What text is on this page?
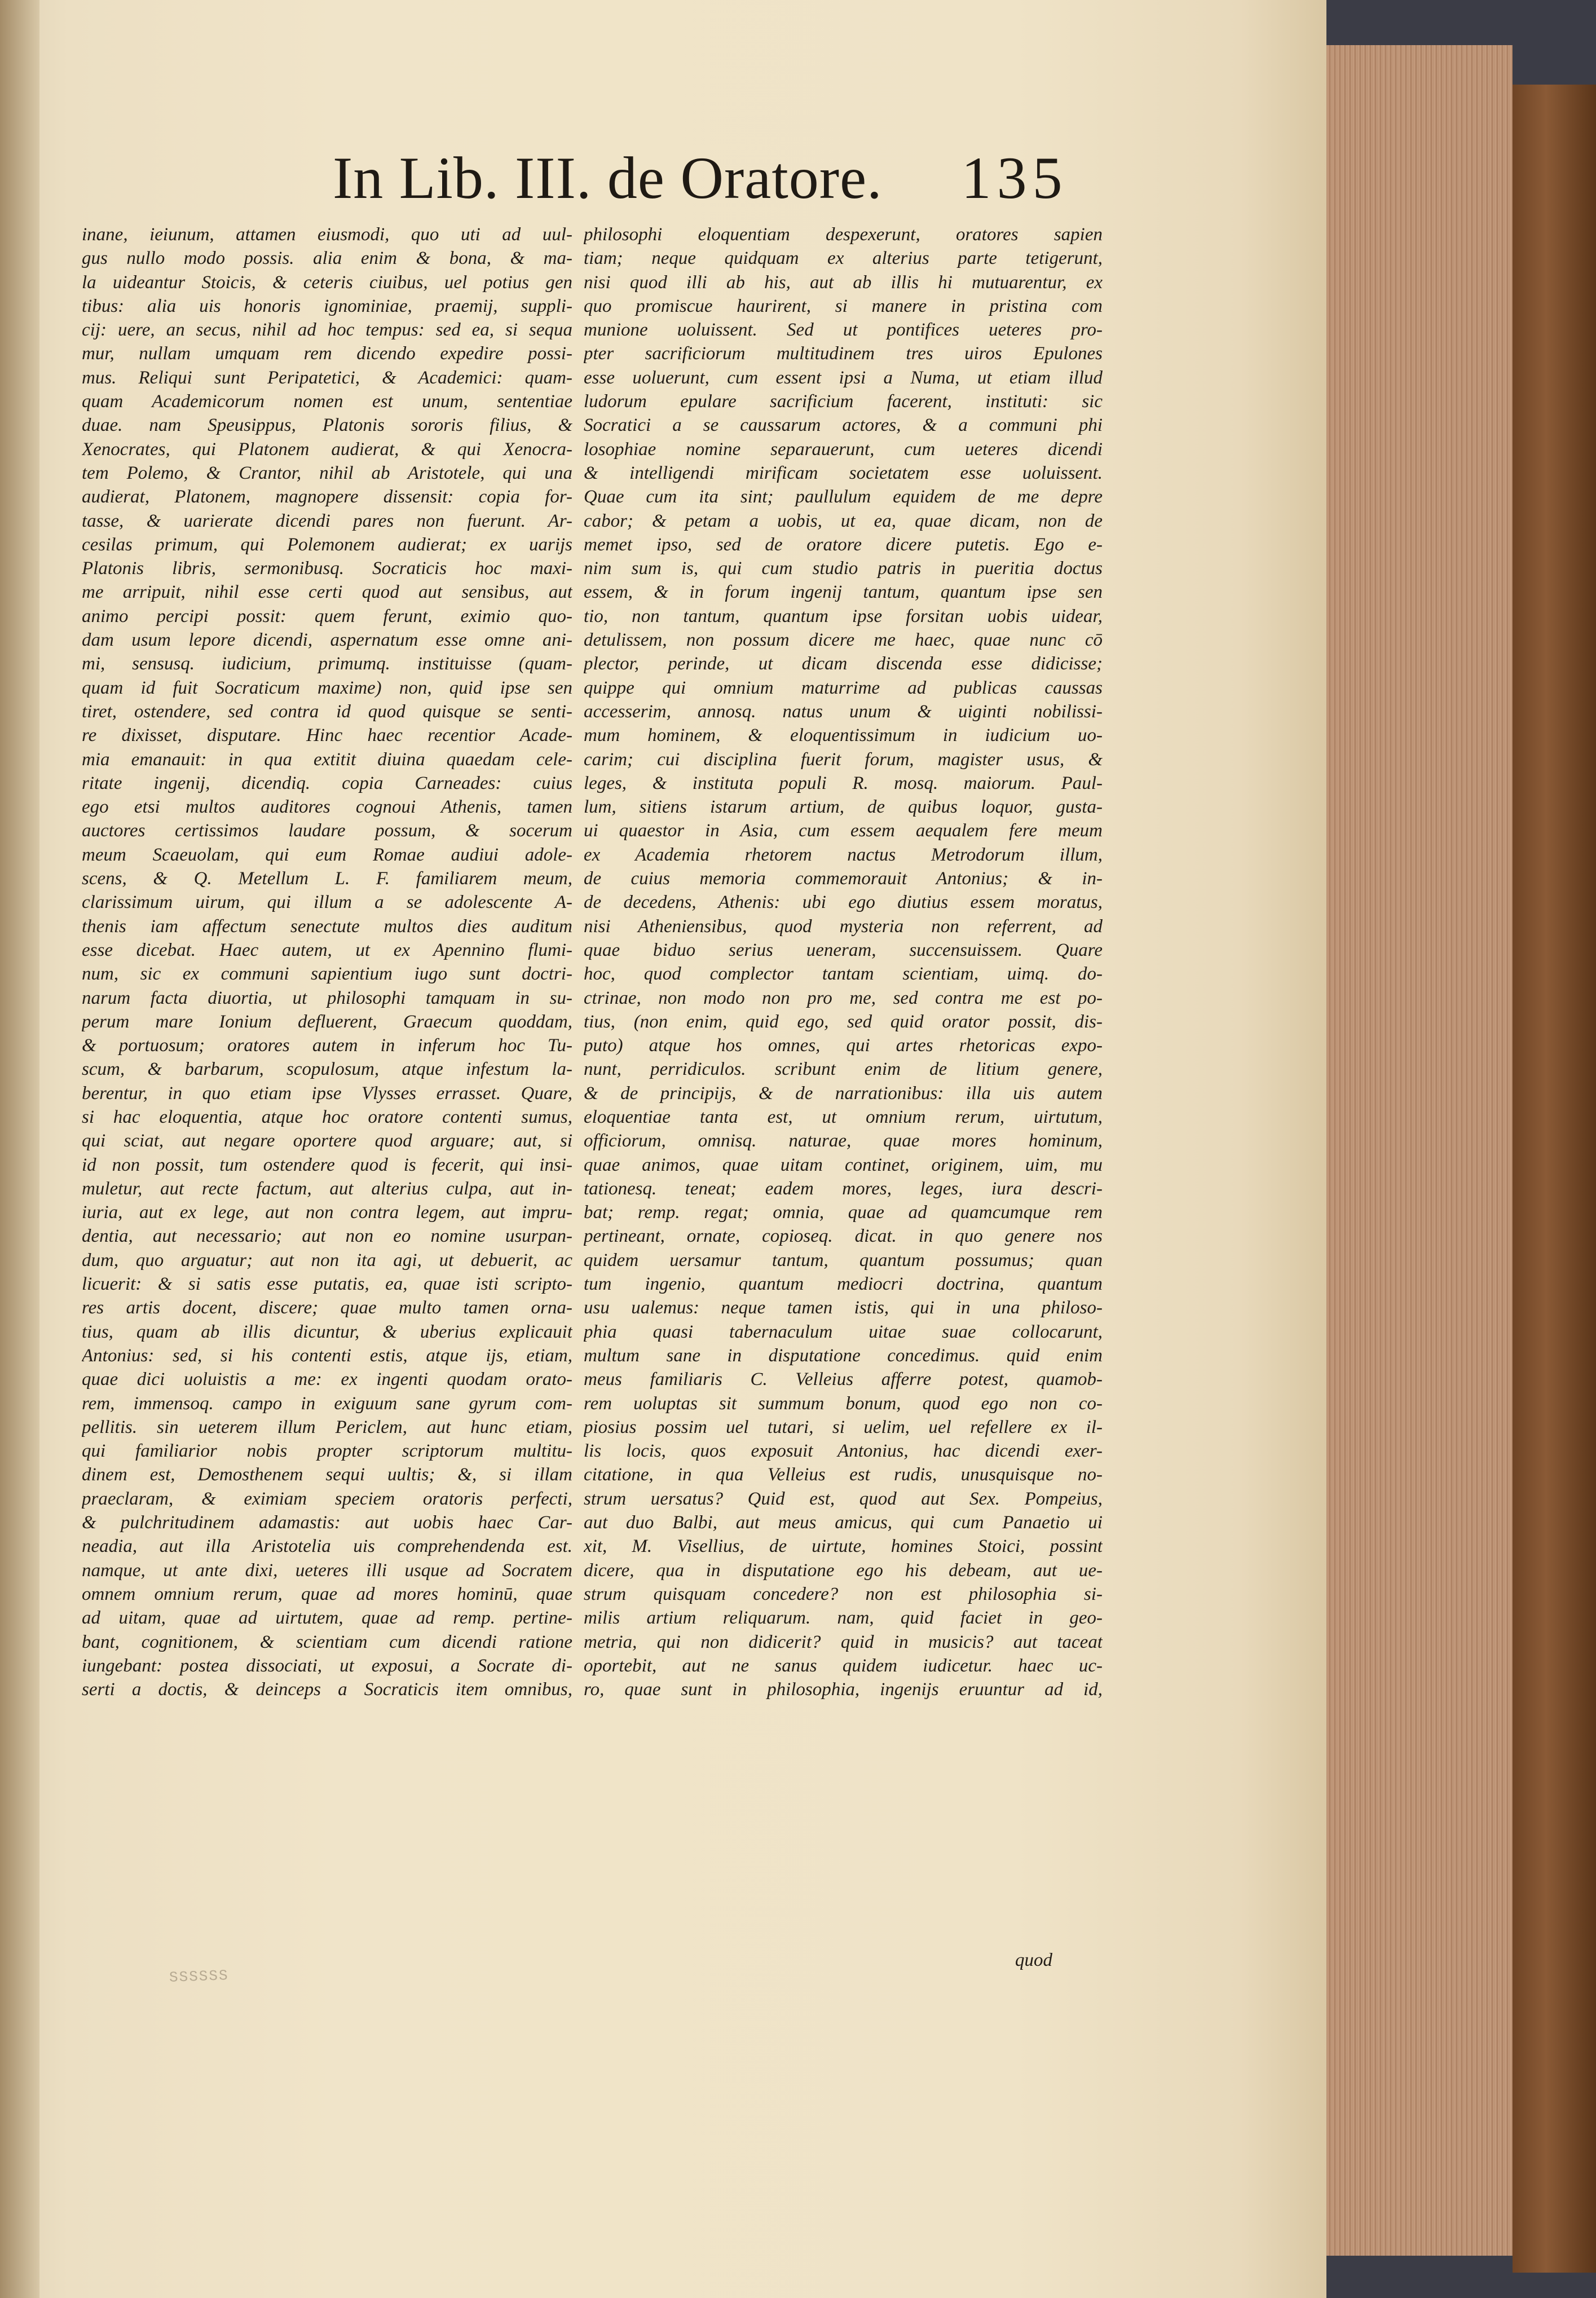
In Lib. III. de Oratore. 135
inane, ieiunum, attamen eiusmodi, quo uti ad uul-
gus nullo modo possis. alia enim & bona, & ma-
la uideantur Stoicis, & ceteris ciuibus, uel potius gen
tibus: alia uis honoris ignominiae, praemij, suppli-
cij: uere, an secus, nihil ad hoc tempus: sed ea, si sequa
mur, nullam umquam rem dicendo expedire possi-
mus. Reliqui sunt Peripatetici, & Academici: quam-
quam Academicorum nomen est unum, sententiae
duae. nam Speusippus, Platonis sororis filius, &
Xenocrates, qui Platonem audierat, & qui Xenocra-
tem Polemo, & Crantor, nihil ab Aristotele, qui una
audierat, Platonem, magnopere dissensit: copia for-
tasse, & uarierate dicendi pares non fuerunt. Ar-
cesilas primum, qui Polemonem audierat; ex uarijs
Platonis libris, sermonibusq. Socraticis hoc maxi-
me arripuit, nihil esse certi quod aut sensibus, aut
animo percipi possit: quem ferunt, eximio quo-
dam usum lepore dicendi, aspernatum esse omne ani-
mi, sensusq. iudicium, primumq. instituisse (quam-
quam id fuit Socraticum maxime) non, quid ipse sen
tiret, ostendere, sed contra id quod quisque se senti-
re dixisset, disputare. Hinc haec recentior Acade-
mia emanauit: in qua extitit diuina quaedam cele-
ritate ingenij, dicendiq. copia Carneades: cuius
ego etsi multos auditores cognoui Athenis, tamen
auctores certissimos laudare possum, & socerum
meum Scaeuolam, qui eum Romae audiui adole-
scens, & Q. Metellum L. F. familiarem meum,
clarissimum uirum, qui illum a se adolescente A-
thenis iam affectum senectute multos dies auditum
esse dicebat. Haec autem, ut ex Apennino flumi-
num, sic ex communi sapientium iugo sunt doctri-
narum facta diuortia, ut philosophi tamquam in su-
perum mare Ionium defluerent, Graecum quoddam,
& portuosum; oratores autem in inferum hoc Tu-
scum, & barbarum, scopulosum, atque infestum la-
berentur, in quo etiam ipse Vlysses errasset. Quare,
si hac eloquentia, atque hoc oratore contenti sumus,
qui sciat, aut negare oportere quod arguare; aut, si
id non possit, tum ostendere quod is fecerit, qui insi-
muletur, aut recte factum, aut alterius culpa, aut in-
iuria, aut ex lege, aut non contra legem, aut impru-
dentia, aut necessario; aut non eo nomine usurpan-
dum, quo arguatur; aut non ita agi, ut debuerit, ac
licuerit: & si satis esse putatis, ea, quae isti scripto-
res artis docent, discere; quae multo tamen orna-
tius, quam ab illis dicuntur, & uberius explicauit
Antonius: sed, si his contenti estis, atque ijs, etiam,
quae dici uoluistis a me: ex ingenti quodam orato-
rem, immensoq. campo in exiguum sane gyrum com-
pellitis. sin ueterem illum Periclem, aut hunc etiam,
qui familiarior nobis propter scriptorum multitu-
dinem est, Demosthenem sequi uultis; &, si illam
praeclaram, & eximiam speciem oratoris perfecti,
& pulchritudinem adamastis: aut uobis haec Car-
neadia, aut illa Aristotelia uis comprehendenda est.
namque, ut ante dixi, ueteres illi usque ad Socratem
omnem omnium rerum, quae ad mores hominū, quae
ad uitam, quae ad uirtutem, quae ad remp. pertine-
bant, cognitionem, & scientiam cum dicendi ratione
iungebant: postea dissociati, ut exposui, a Socrate di-
serti a doctis, & deinceps a Socraticis item omnibus,
philosophi eloquentiam despexerunt, oratores sapien
tiam; neque quidquam ex alterius parte tetigerunt,
nisi quod illi ab his, aut ab illis hi mutuarentur, ex
quo promiscue haurirent, si manere in pristina com
munione uoluissent. Sed ut pontifices ueteres pro-
pter sacrificiorum multitudinem tres uiros Epulones
esse uoluerunt, cum essent ipsi a Numa, ut etiam illud
ludorum epulare sacrificium facerent, instituti: sic
Socratici a se caussarum actores, & a communi phi
losophiae nomine separauerunt, cum ueteres dicendi
& intelligendi mirificam societatem esse uoluissent.
Quae cum ita sint; paullulum equidem de me depre
cabor; & petam a uobis, ut ea, quae dicam, non de
memet ipso, sed de oratore dicere putetis. Ego e-
nim sum is, qui cum studio patris in pueritia doctus
essem, & in forum ingenij tantum, quantum ipse sen
tio, non tantum, quantum ipse forsitan uobis uidear,
detulissem, non possum dicere me haec, quae nunc cō
plector, perinde, ut dicam discenda esse didicisse;
quippe qui omnium maturrime ad publicas caussas
accesserim, annosq. natus unum & uiginti nobilissi-
mum hominem, & eloquentissimum in iudicium uo-
carim; cui disciplina fuerit forum, magister usus, &
leges, & instituta populi R. mosq. maiorum. Paul-
lum, sitiens istarum artium, de quibus loquor, gusta-
ui quaestor in Asia, cum essem aequalem fere meum
ex Academia rhetorem nactus Metrodorum illum,
de cuius memoria commemorauit Antonius; & in-
de decedens, Athenis: ubi ego diutius essem moratus,
nisi Atheniensibus, quod mysteria non referrent, ad
quae biduo serius ueneram, succensuissem. Quare
hoc, quod complector tantam scientiam, uimq. do-
ctrinae, non modo non pro me, sed contra me est po-
tius, (non enim, quid ego, sed quid orator possit, dis-
puto) atque hos omnes, qui artes rhetoricas expo-
nunt, perridiculos. scribunt enim de litium genere,
& de principijs, & de narrationibus: illa uis autem
eloquentiae tanta est, ut omnium rerum, uirtutum,
officiorum, omnisq. naturae, quae mores hominum,
quae animos, quae uitam continet, originem, uim, mu
tationesq. teneat; eadem mores, leges, iura descri-
bat; remp. regat; omnia, quae ad quamcumque rem
pertineant, ornate, copioseq. dicat. in quo genere nos
quidem uersamur tantum, quantum possumus; quan
tum ingenio, quantum mediocri doctrina, quantum
usu ualemus: neque tamen istis, qui in una philoso-
phia quasi tabernaculum uitae suae collocarunt,
multum sane in disputatione concedimus. quid enim
meus familiaris C. Velleius afferre potest, quamob-
rem uoluptas sit summum bonum, quod ego non co-
piosius possim uel tutari, si uelim, uel refellere ex il-
lis locis, quos exposuit Antonius, hac dicendi exer-
citatione, in qua Velleius est rudis, unusquisque no-
strum uersatus? Quid est, quod aut Sex. Pompeius,
aut duo Balbi, aut meus amicus, qui cum Panaetio ui
xit, M. Visellius, de uirtute, homines Stoici, possint
dicere, qua in disputatione ego his debeam, aut ue-
strum quisquam concedere? non est philosophia si-
milis artium reliquarum. nam, quid faciet in geo-
metria, qui non didicerit? quid in musicis? aut taceat
oportebit, aut ne sanus quidem iudicetur. haec uc-
ro, quae sunt in philosophia, ingenijs eruuntur ad id,
quod
SSSSSS
